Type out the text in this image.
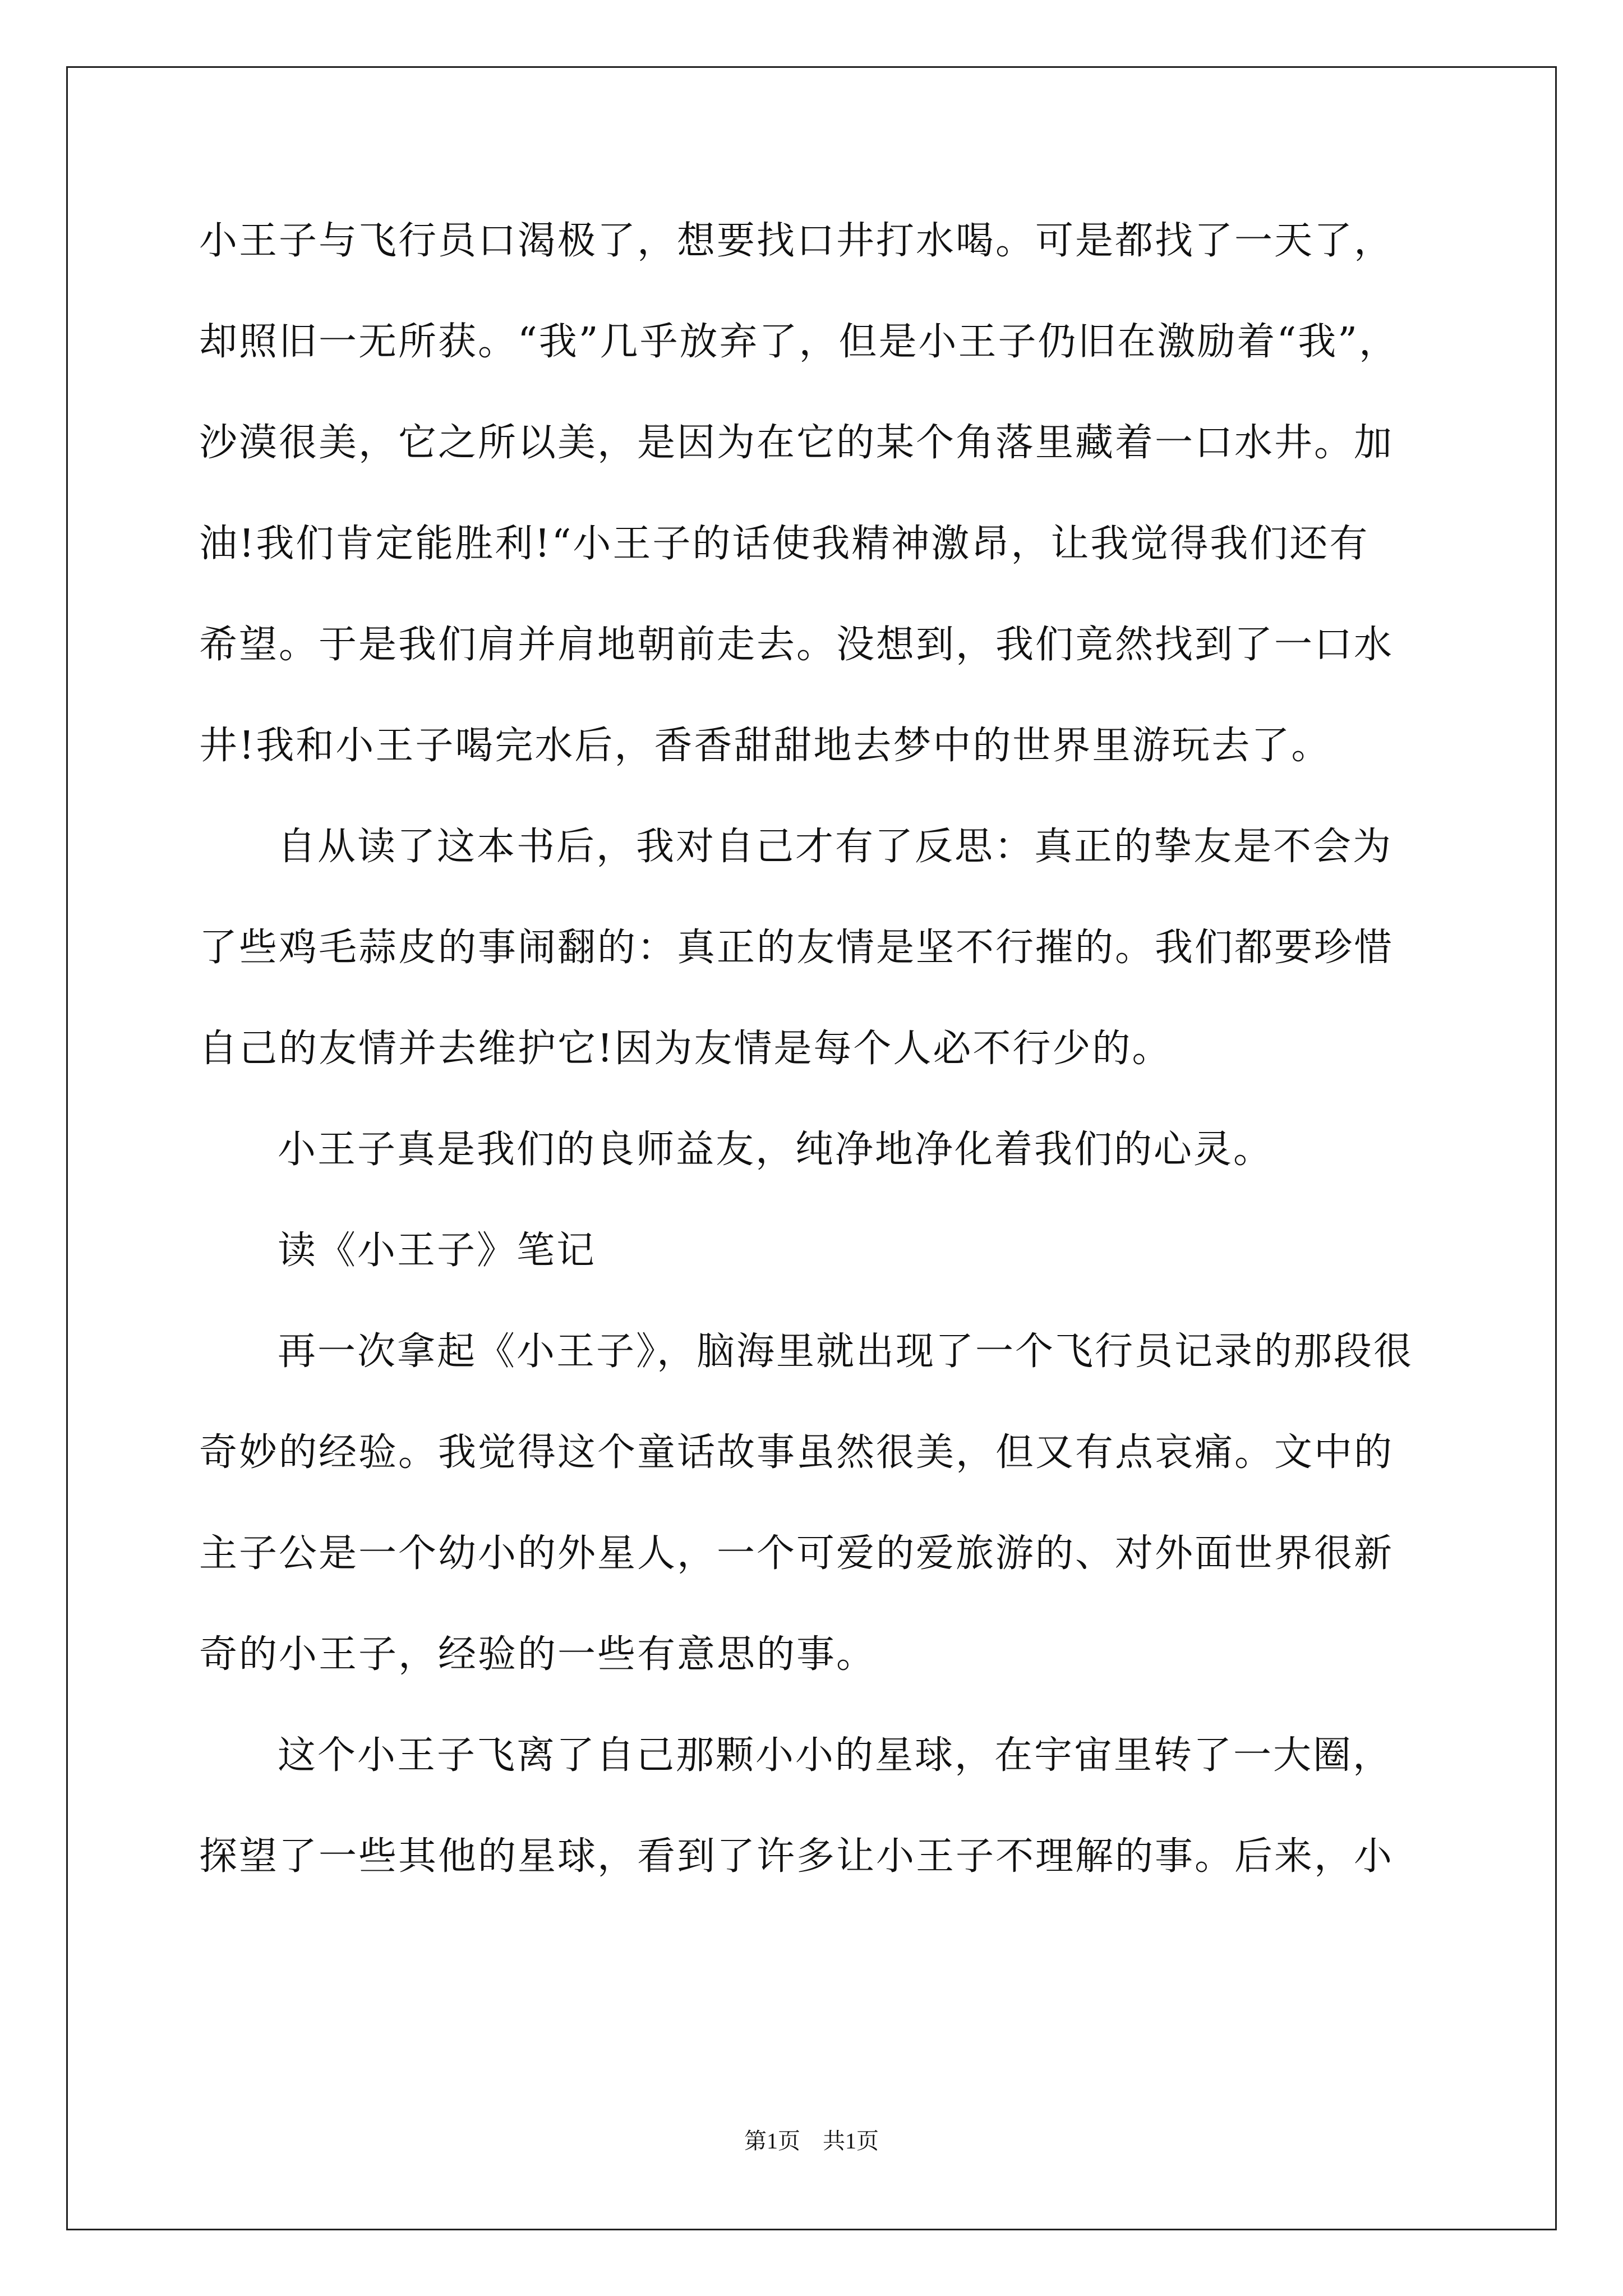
小王子与飞行员口渴极了，想要找口井打水喝。可是都找了一天了，
却照旧一无所获。“我”几乎放弃了，但是小王子仍旧在激励着“我”，
沙漠很美，它之所以美，是因为在它的某个角落里藏着一口水井。加
油!我们肯定能胜利!“小王子的话使我精神激昂，让我觉得我们还有
希望。于是我们肩并肩地朝前走去。没想到，我们竟然找到了一口水
井!我和小王子喝完水后，香香甜甜地去梦中的世界里游玩去了。
自从读了这本书后，我对自己才有了反思：真正的挚友是不会为
了些鸡毛蒜皮的事闹翻的：真正的友情是坚不行摧的。我们都要珍惜
自己的友情并去维护它!因为友情是每个人必不行少的。
小王子真是我们的良师益友，纯净地净化着我们的心灵。
读《小王子》笔记
再一次拿起《小王子》，脑海里就出现了一个飞行员记录的那段很
奇妙的经验。我觉得这个童话故事虽然很美，但又有点哀痛。文中的
主子公是一个幼小的外星人，一个可爱的爱旅游的、对外面世界很新
奇的小王子，经验的一些有意思的事。
这个小王子飞离了自己那颗小小的星球，在宇宙里转了一大圈，
探望了一些其他的星球，看到了许多让小王子不理解的事。后来，小
第1页　共1页
